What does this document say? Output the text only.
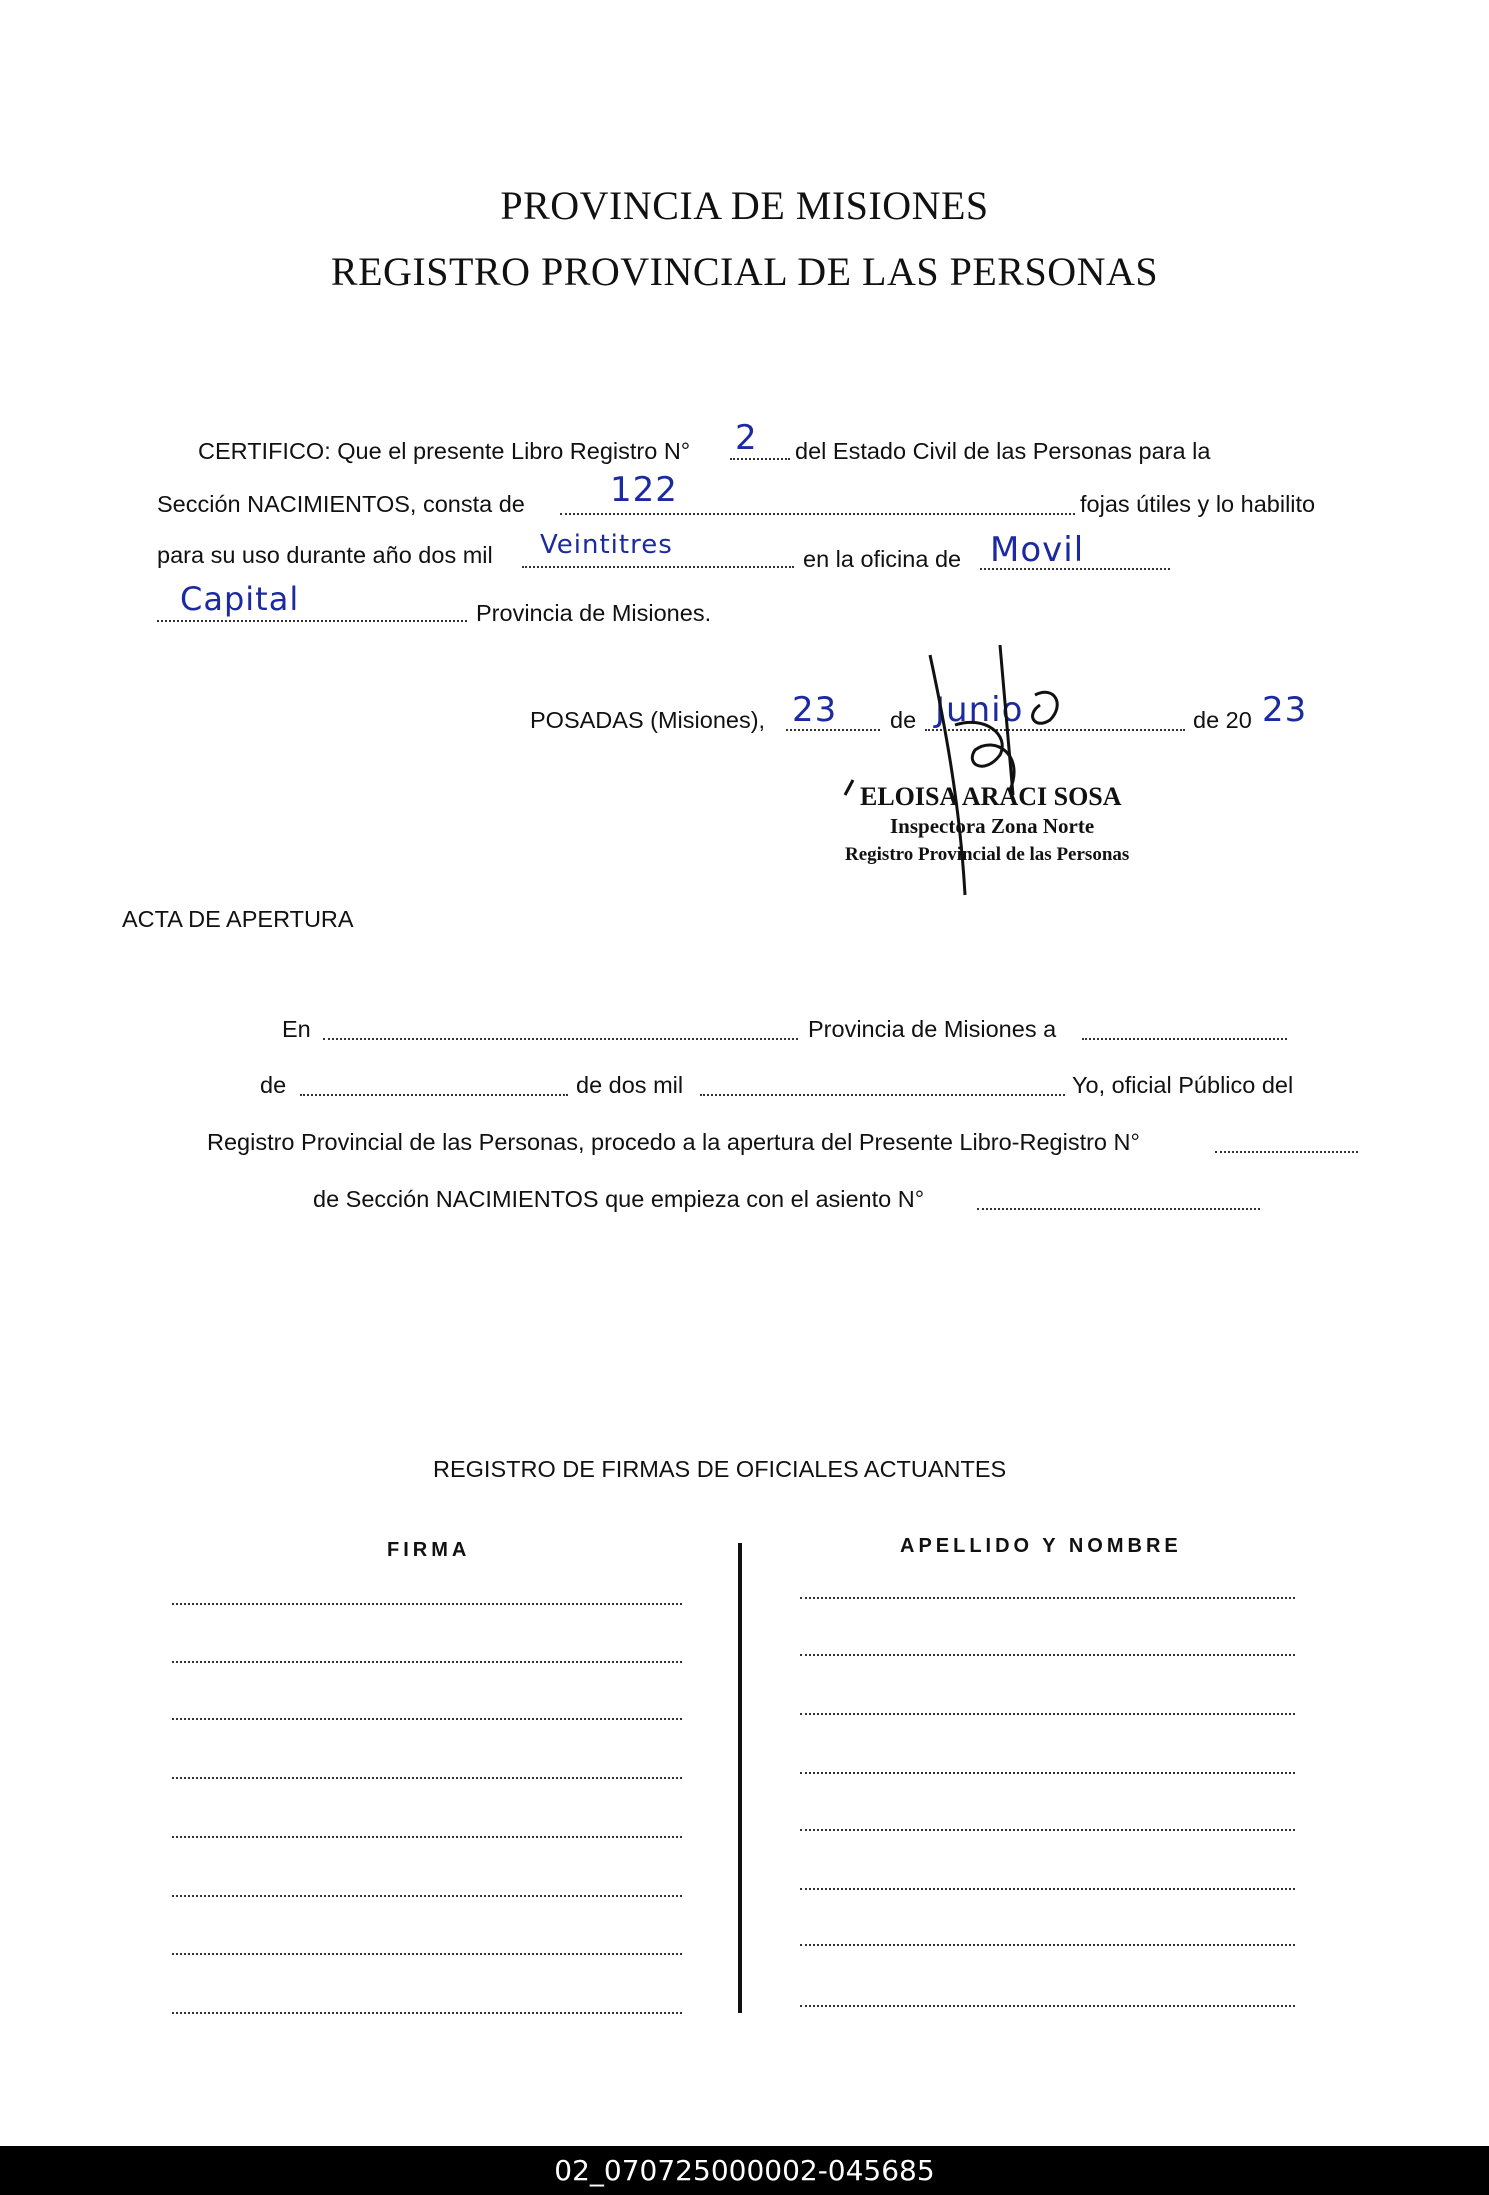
PROVINCIA DE MISIONES
REGISTRO PROVINCIAL DE LAS PERSONAS
CERTIFICO: Que el presente Libro Registro N° 2 del Estado Civil de las Personas para la
Sección NACIMIENTOS, consta de	122	fojas útiles y lo habilito
para su uso durante año dos mil Veintitres	en la oficina de Movil
Capital	Provincia de Misiones.
POSADAS (Misiones), 23 de Junio	de 20 23
ELOISA ARACI SOSA
Inspectora Zona Norte
Registro Provincial de las Personas
ACTA DE APERTURA
En	Provincia de Misiones a
de	de dos mil	Yo, oficial Público del
Registro Provincial de las Personas, procedo a la apertura del Presente Libro-Registro N°
de Sección NACIMIENTOS que empieza con el asiento N°
REGISTRO DE FIRMAS DE OFICIALES ACTUANTES
FIRMA	APELLIDO Y NOMBRE
02_070725000002-045685
